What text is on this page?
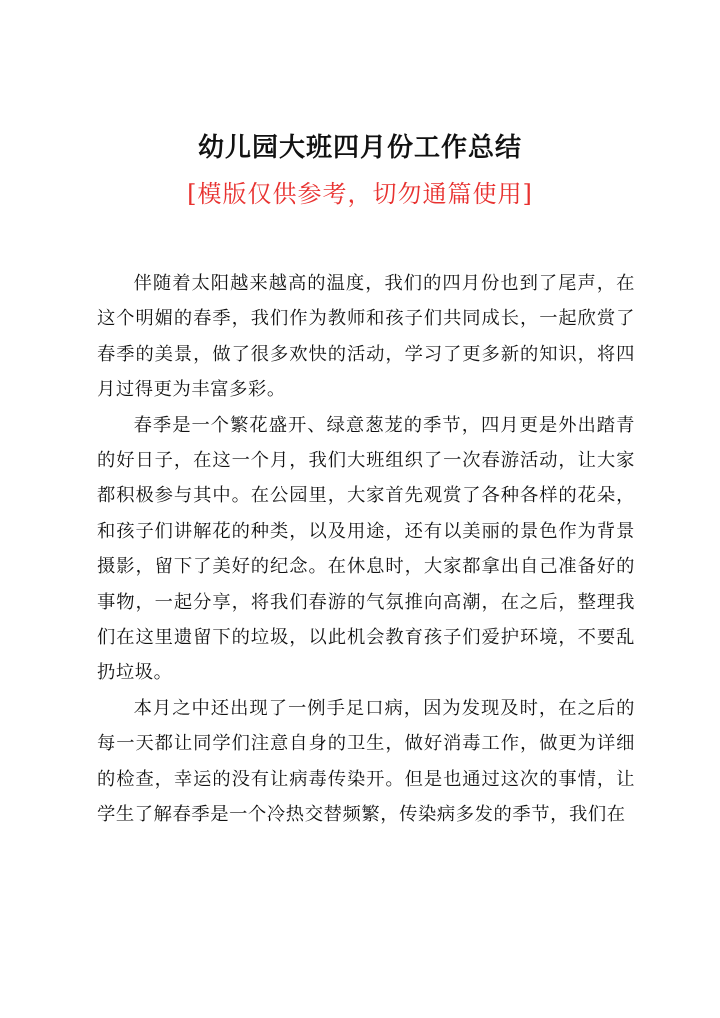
幼儿园大班四月份工作总结
[模版仅供参考，切勿通篇使用]

伴随着太阳越来越高的温度，我们的四月份也到了尾声，在这个明媚的春季，我们作为教师和孩子们共同成长，一起欣赏了春季的美景，做了很多欢快的活动，学习了更多新的知识，将四月过得更为丰富多彩。

春季是一个繁花盛开、绿意葱茏的季节，四月更是外出踏青的好日子，在这一个月，我们大班组织了一次春游活动，让大家都积极参与其中。在公园里，大家首先观赏了各种各样的花朵，和孩子们讲解花的种类，以及用途，还有以美丽的景色作为背景摄影，留下了美好的纪念。在休息时，大家都拿出自己准备好的事物，一起分享，将我们春游的气氛推向高潮，在之后，整理我们在这里遗留下的垃圾，以此机会教育孩子们爱护环境，不要乱扔垃圾。

本月之中还出现了一例手足口病，因为发现及时，在之后的每一天都让同学们注意自身的卫生，做好消毒工作，做更为详细的检查，幸运的没有让病毒传染开。但是也通过这次的事情，让学生了解春季是一个冷热交替频繁，传染病多发的季节，我们在
